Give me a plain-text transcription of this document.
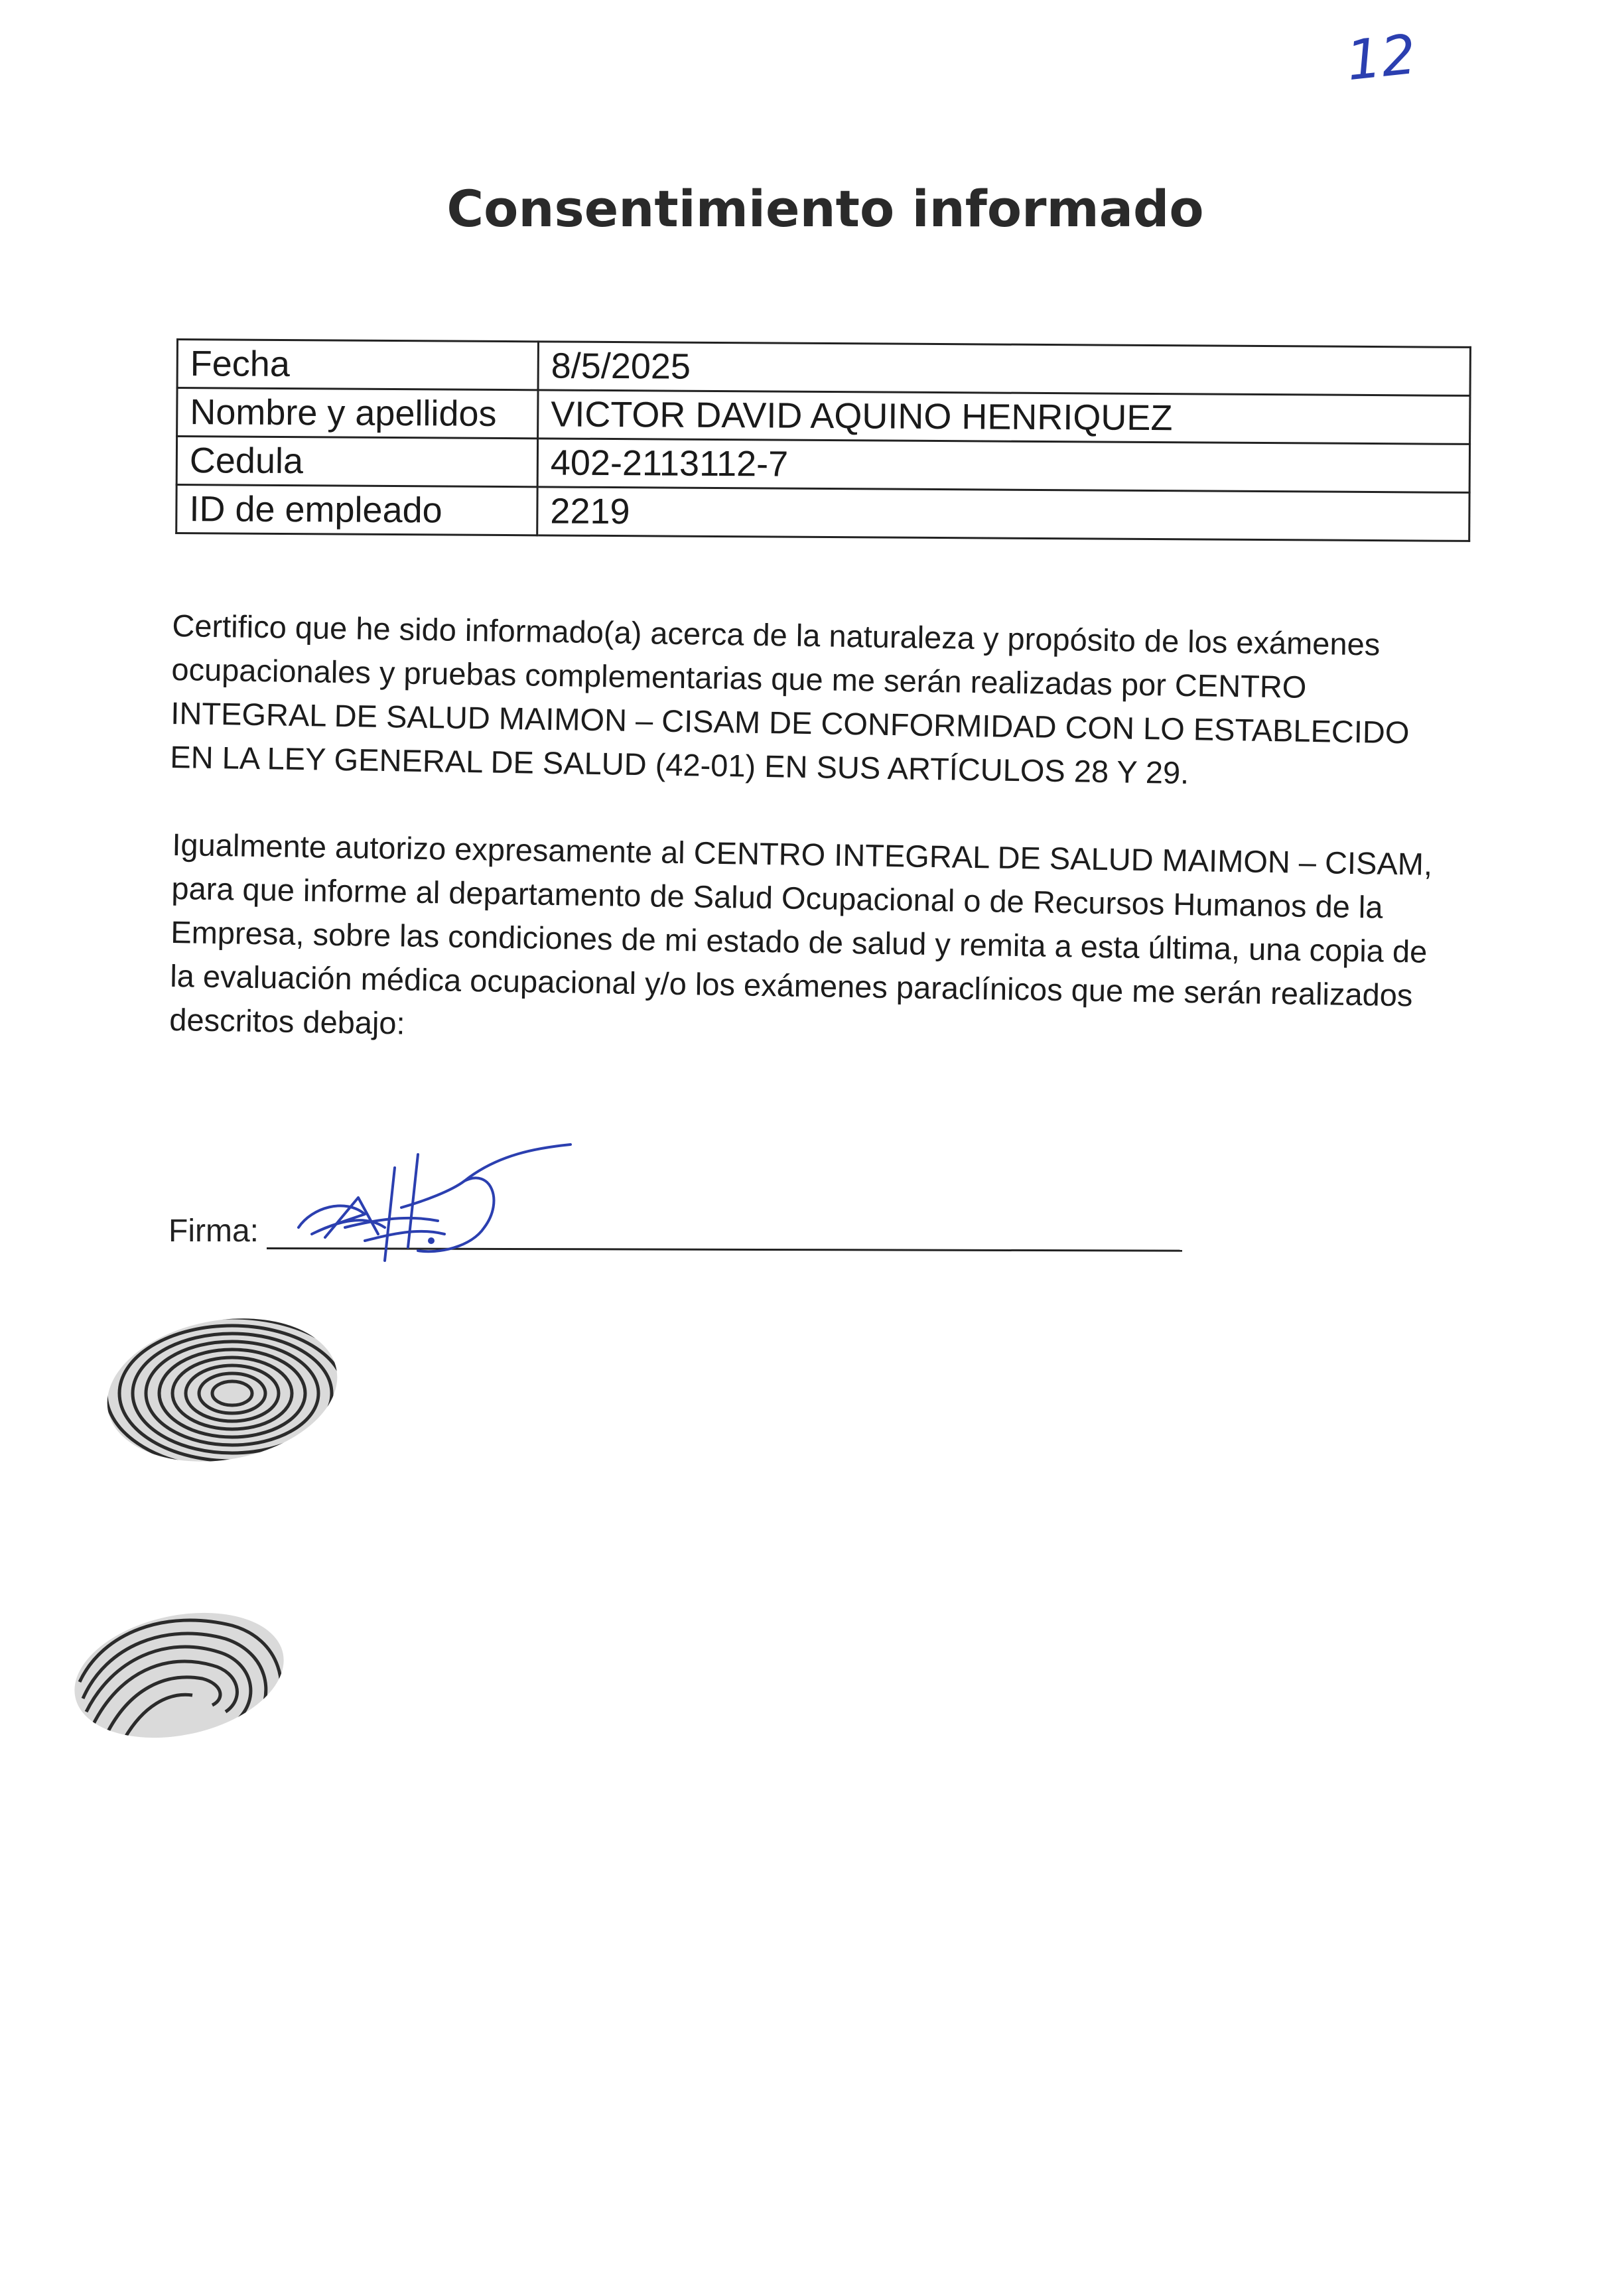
12
Consentimiento informado
Fecha	8/5/2025
Nombre y apellidos	VICTOR DAVID AQUINO HENRIQUEZ
Cedula	402-2113112-7
ID de empleado	2219

Certifico que he sido informado(a) acerca de la naturaleza y propósito de los exámenes ocupacionales y pruebas complementarias que me serán realizadas por CENTRO INTEGRAL DE SALUD MAIMON – CISAM DE CONFORMIDAD CON LO ESTABLECIDO EN LA LEY GENERAL DE SALUD (42-01) EN SUS ARTÍCULOS 28 Y 29.

Igualmente autorizo expresamente al CENTRO INTEGRAL DE SALUD MAIMON – CISAM, para que informe al departamento de Salud Ocupacional o de Recursos Humanos de la Empresa, sobre las condiciones de mi estado de salud y remita a esta última, una copia de la evaluación médica ocupacional y/o los exámenes paraclínicos que me serán realizados descritos debajo:

Firma:
